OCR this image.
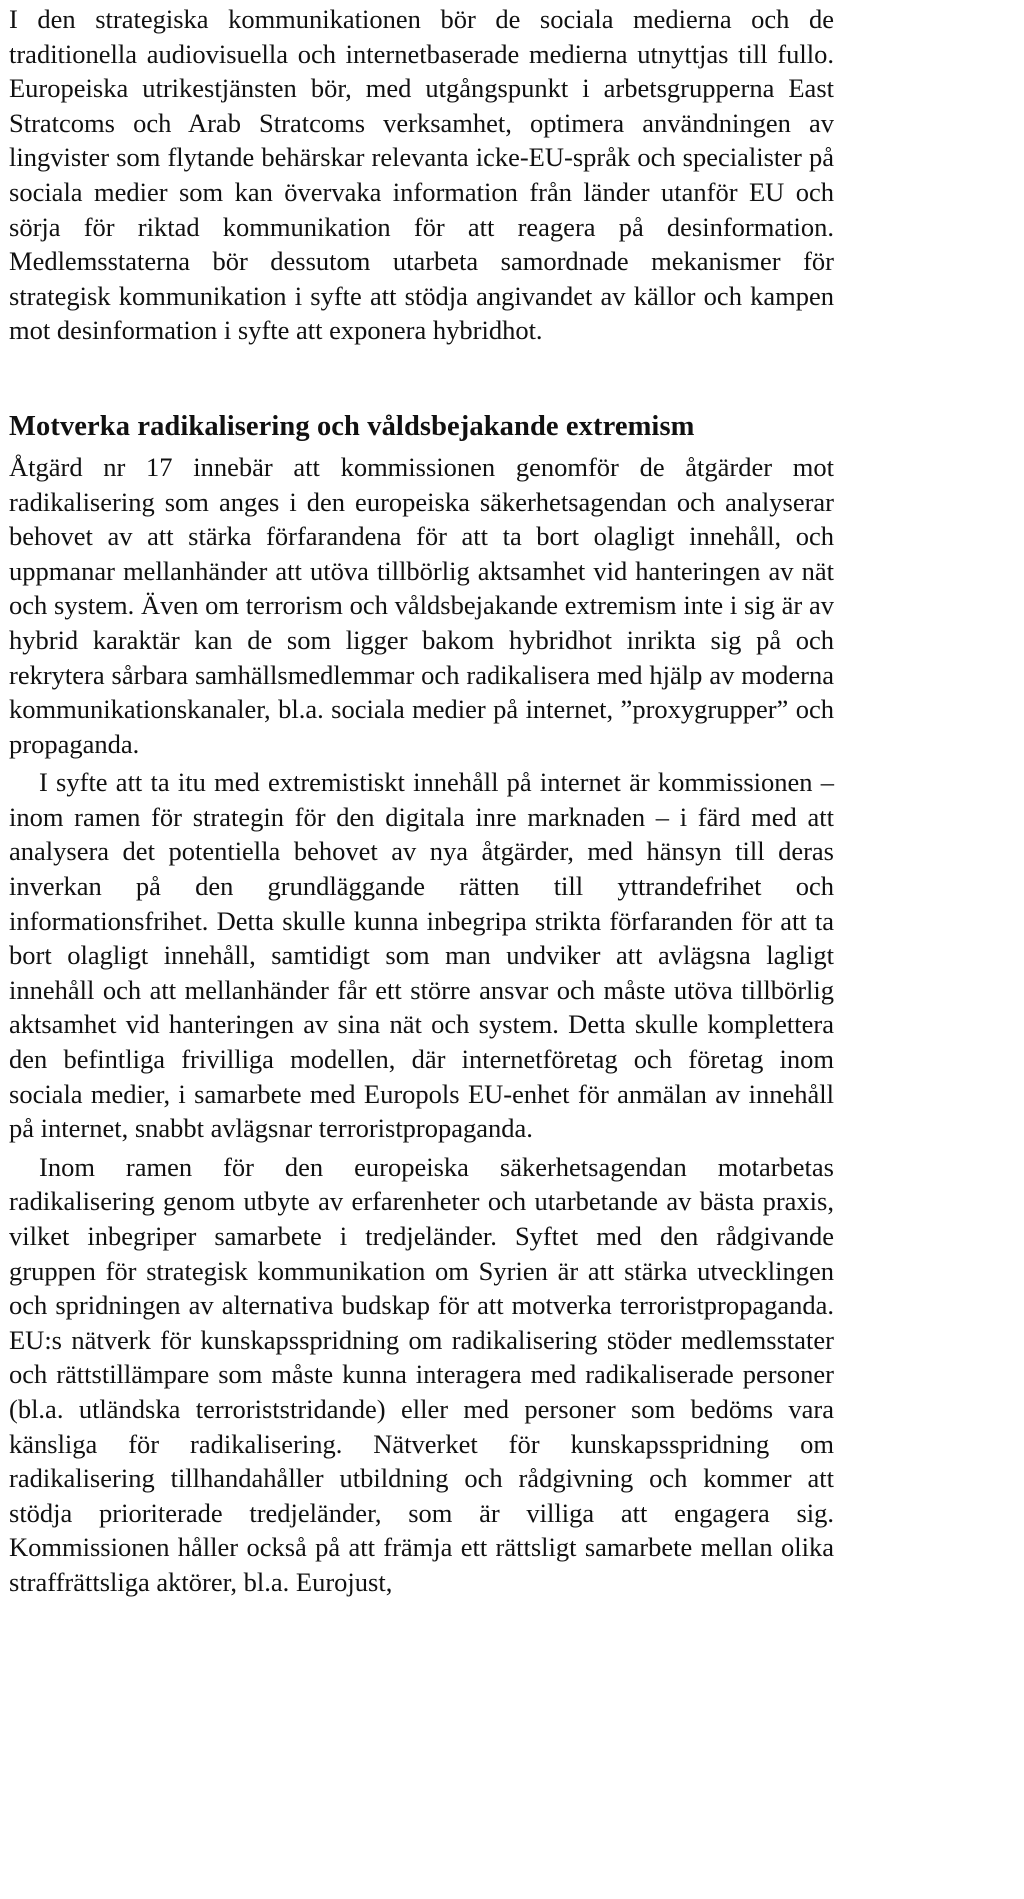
I den strategiska kommunikationen bör de sociala medierna och de traditionella audiovisuella och internetbaserade medierna utnyttjas till fullo. Europeiska utrikestjänsten bör, med utgångspunkt i arbetsgrupperna East Stratcoms och Arab Stratcoms verksamhet, optimera användningen av lingvister som flytande behärskar relevanta icke-EU-språk och specialister på sociala medier som kan övervaka information från länder utanför EU och sörja för riktad kommunikation för att reagera på desinformation. Medlemsstaterna bör dessutom utarbeta samordnade mekanismer för strategisk kommunikation i syfte att stödja angivandet av källor och kampen mot desinformation i syfte att exponera hybridhot.

Motverka radikalisering och våldsbejakande extremism

Åtgärd nr 17 innebär att kommissionen genomför de åtgärder mot radikalisering som anges i den europeiska säkerhetsagendan och analyserar behovet av att stärka förfarandena för att ta bort olagligt innehåll, och uppmanar mellanhänder att utöva tillbörlig aktsamhet vid hanteringen av nät och system. Även om terrorism och våldsbejakande extremism inte i sig är av hybrid karaktär kan de som ligger bakom hybridhot inrikta sig på och rekrytera sårbara samhällsmedlemmar och radikalisera med hjälp av moderna kommunikationskanaler, bl.a. sociala medier på internet, ”proxygrupper” och propaganda.

I syfte att ta itu med extremistiskt innehåll på internet är kommissionen – inom ramen för strategin för den digitala inre marknaden – i färd med att analysera det potentiella behovet av nya åtgärder, med hänsyn till deras inverkan på den grundläggande rätten till yttrandefrihet och informationsfrihet. Detta skulle kunna inbegripa strikta förfaranden för att ta bort olagligt innehåll, samtidigt som man undviker att avlägsna lagligt innehåll och att mellanhänder får ett större ansvar och måste utöva tillbörlig aktsamhet vid hanteringen av sina nät och system. Detta skulle komplettera den befintliga frivilliga modellen, där internetföretag och företag inom sociala medier, i samarbete med Europols EU-enhet för anmälan av innehåll på internet, snabbt avlägsnar terroristpropaganda.

Inom ramen för den europeiska säkerhetsagendan motarbetas radikalisering genom utbyte av erfarenheter och utarbetande av bästa praxis, vilket inbegriper samarbete i tredjeländer. Syftet med den rådgivande gruppen för strategisk kommunikation om Syrien är att stärka utvecklingen och spridningen av alternativa budskap för att motverka terroristpropaganda. EU:s nätverk för kunskapsspridning om radikalisering stöder medlemsstater och rättstillämpare som måste kunna interagera med radikaliserade personer (bl.a. utländska terroriststridande) eller med personer som bedöms vara känsliga för radikalisering. Nätverket för kunskapsspridning om radikalisering tillhandahåller utbildning och rådgivning och kommer att stödja prioriterade tredjeländer, som är villiga att engagera sig. Kommissionen håller också på att främja ett rättsligt samarbete mellan olika straffrättsliga aktörer, bl.a. Eurojust,
